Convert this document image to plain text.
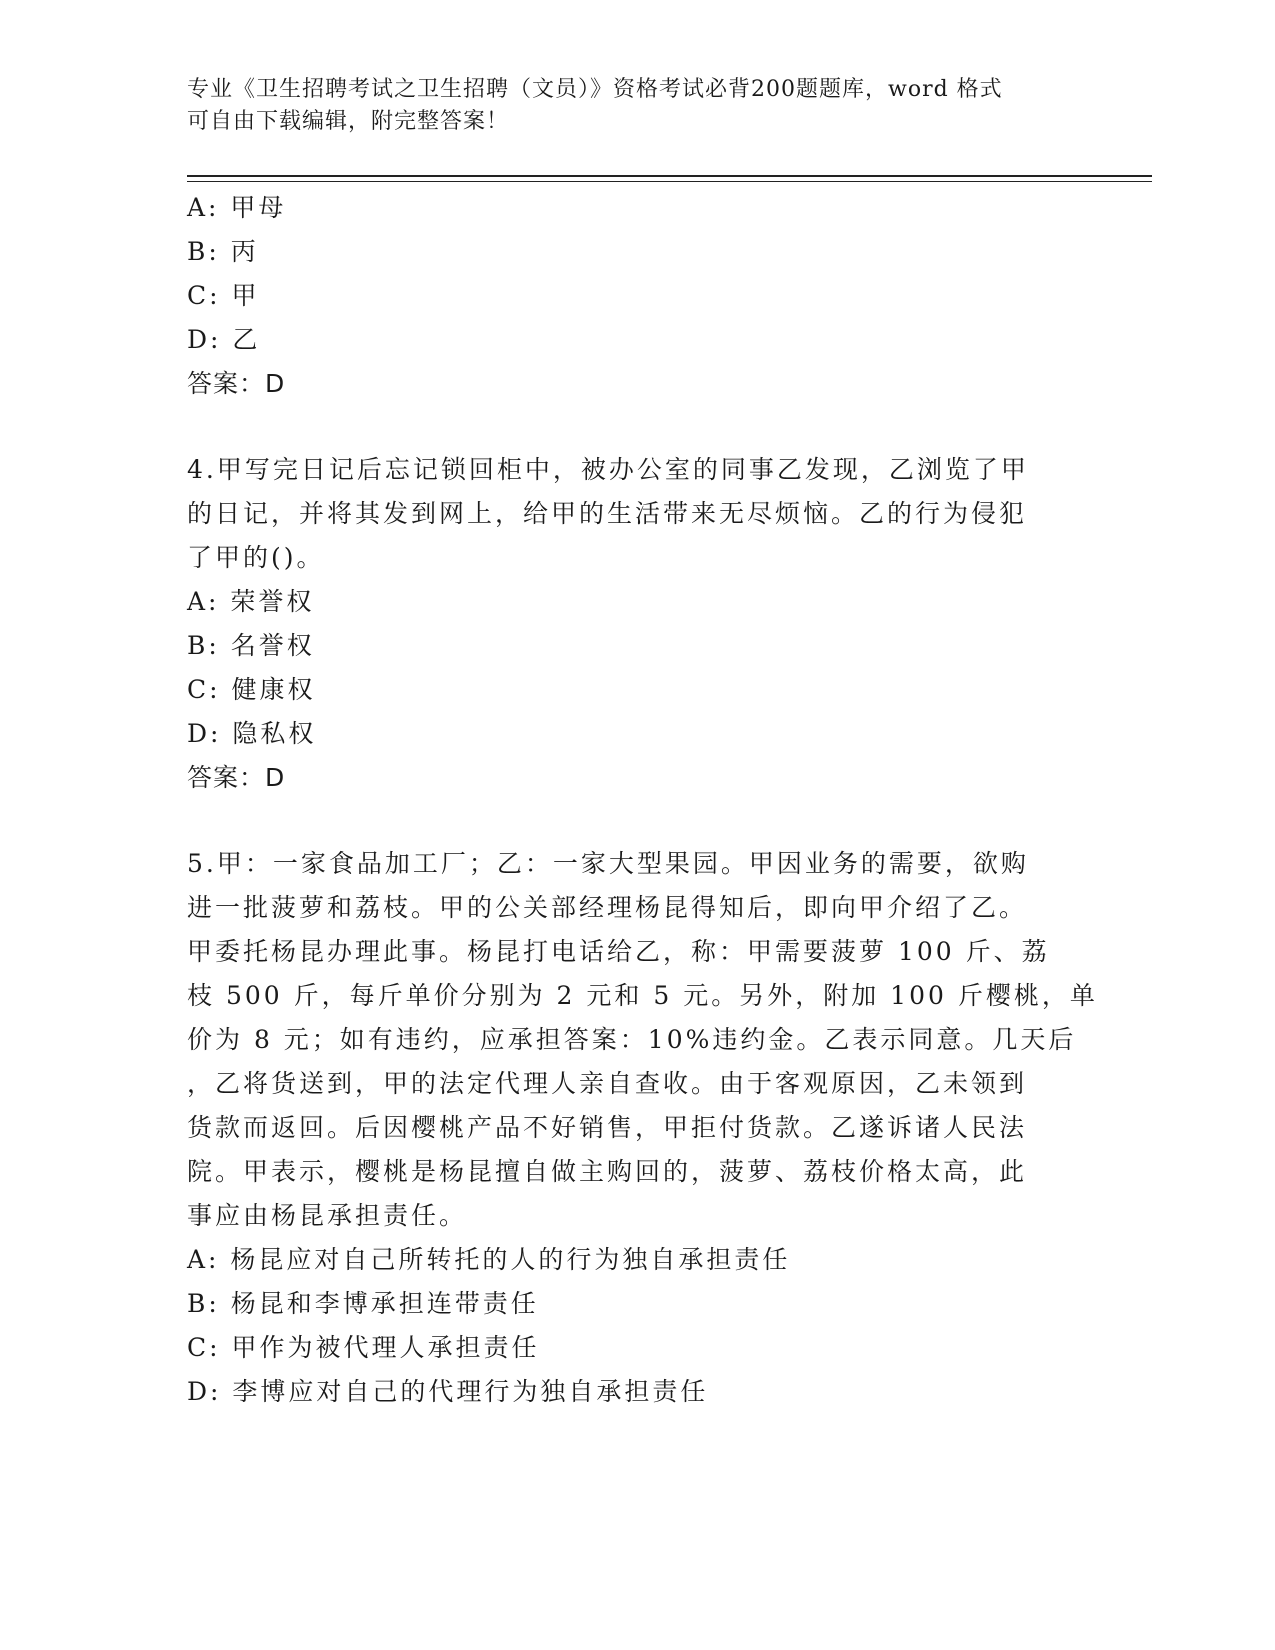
专业《卫生招聘考试之卫生招聘（文员）》资格考试必背200题题库，word 格式
可自由下载编辑，附完整答案！
A: 甲母
B: 丙
C: 甲
D: 乙
答案：D
4.甲写完日记后忘记锁回柜中，被办公室的同事乙发现，乙浏览了甲
的日记，并将其发到网上，给甲的生活带来无尽烦恼。乙的行为侵犯
了甲的()。
A: 荣誉权
B: 名誉权
C: 健康权
D: 隐私权
答案：D
5.甲：一家食品加工厂；乙：一家大型果园。甲因业务的需要，欲购
进一批菠萝和荔枝。甲的公关部经理杨昆得知后，即向甲介绍了乙。
甲委托杨昆办理此事。杨昆打电话给乙，称：甲需要菠萝 100 斤、荔
枝 500 斤，每斤单价分别为 2 元和 5 元。另外，附加 100 斤樱桃，单
价为 8 元；如有违约，应承担答案：10%违约金。乙表示同意。几天后
，乙将货送到，甲的法定代理人亲自查收。由于客观原因，乙未领到
货款而返回。后因樱桃产品不好销售，甲拒付货款。乙遂诉诸人民法
院。甲表示，樱桃是杨昆擅自做主购回的，菠萝、荔枝价格太高，此
事应由杨昆承担责任。
A: 杨昆应对自己所转托的人的行为独自承担责任
B: 杨昆和李博承担连带责任
C: 甲作为被代理人承担责任
D: 李博应对自己的代理行为独自承担责任
